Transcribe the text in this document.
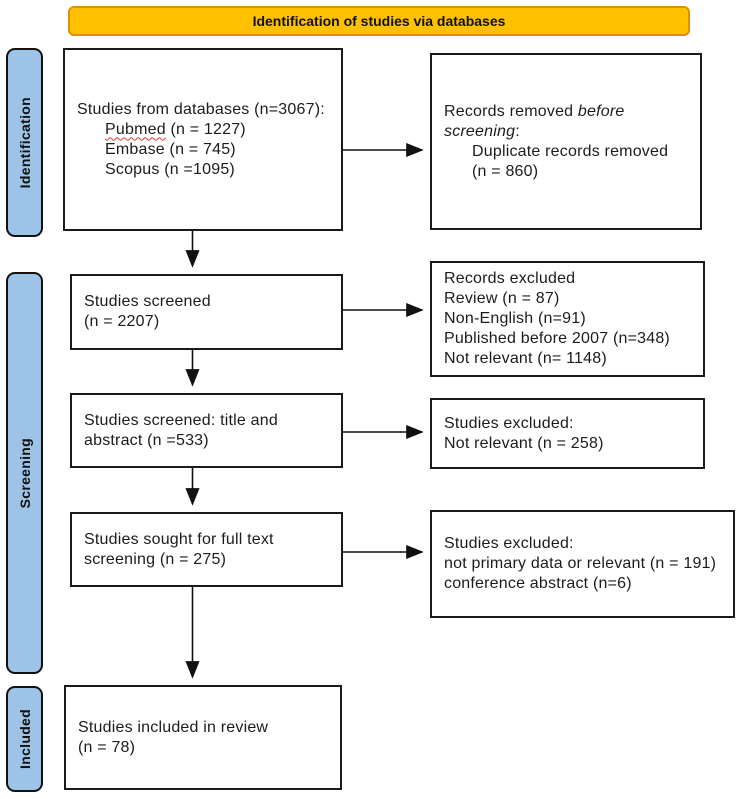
Identification of studies via databases
Identification
Screening
Included
Studies from databases (n=3067):
Pubmed (n = 1227)
Embase (n = 745)
Scopus (n =1095)
Records removed before
screening:
Duplicate records removed
(n = 860)
Studies screened
(n = 2207)
Records excluded
Review (n = 87)
Non-English (n=91)
Published before 2007 (n=348)
Not relevant (n= 1148)
Studies screened: title and
abstract (n =533)
Studies excluded:
Not relevant (n = 258)
Studies sought for full text
screening (n = 275)
Studies excluded:
not primary data or relevant (n = 191)
conference abstract (n=6)
Studies included in review
(n = 78)
